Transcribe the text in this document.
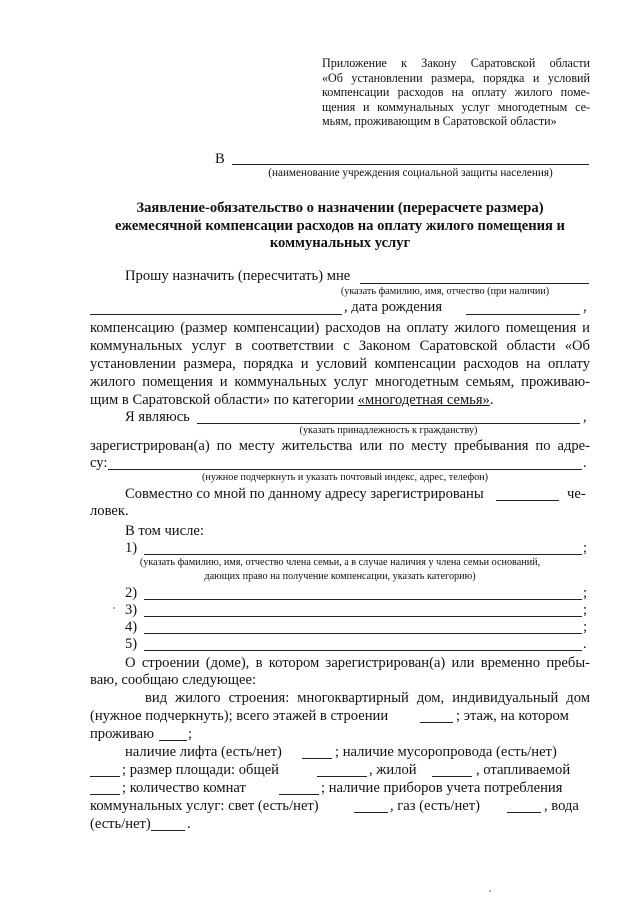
Приложение к Закону Саратовской области
«Об установлении размера, порядка и условий
компенсации расходов на оплату жилого поме-
щения и коммунальных услуг многодетным се-
мьям, проживающим в Саратовской области»
В
(наименование учреждения социальной защиты населения)
Заявление-обязательство о назначении (перерасчете размера)
ежемесячной компенсации расходов на оплату жилого помещения и
коммунальных услуг
Прошу назначить (пересчитать) мне
(указать фамилию, имя, отчество (при наличии)
, дата рождения	,
компенсацию (размер компенсации) расходов на оплату жилого помещения и
коммунальных услуг в соответствии с Законом Саратовской области «Об
установлении размера, порядка и условий компенсации расходов на оплату
жилого помещения и коммунальных услуг многодетным семьям, проживаю-
щим в Саратовской области» по категории «многодетная семья».
Я являюсь	,
(указать принадлежность к гражданству)
зарегистрирован(а) по месту жительства или по месту пребывания по адре-
су:	.
(нужное подчеркнуть и указать почтовый индекс, адрес, телефон)
Совместно со мной по данному адресу зарегистрированы	че-
ловек.
В том числе:
1)	;
(указать фамилию, имя, отчество члена семьи, а в случае наличия у члена семьи оснований,
дающих право на получение компенсации, указать категорию)
2)	;
3)	;
4)	;
5)	.
О строении (доме), в котором зарегистрирован(а) или временно пребы-
ваю, сообщаю следующее:
вид жилого строения: многоквартирный дом, индивидуальный дом
(нужное подчеркнуть); всего этажей в строении	; этаж, на котором
проживаю ;
наличие лифта (есть/нет)	; наличие мусоропровода (есть/нет)
; размер площади: общей	, жилой	, отапливаемой
; количество комнат	; наличие приборов учета потребления
коммунальных услуг: свет (есть/нет)	, газ (есть/нет)	, вода
(есть/нет) .
